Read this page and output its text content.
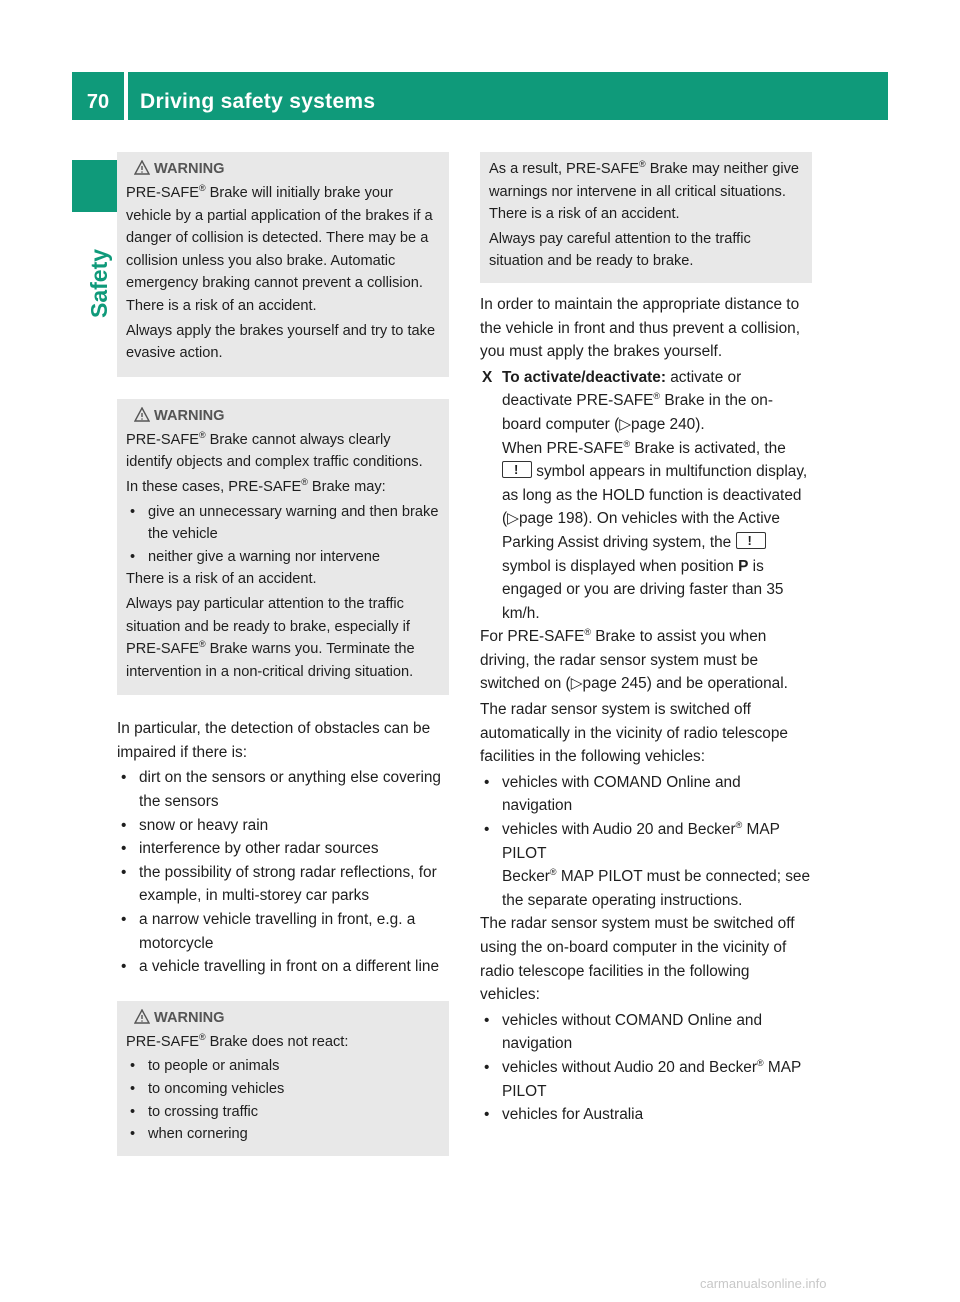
70	Driving safety systems
Safety
WARNING

PRE-SAFE® Brake will initially brake your vehicle by a partial application of the brakes if a danger of collision is detected. There may be a collision unless you also brake. Automatic emergency braking cannot prevent a collision. There is a risk of an accident.

Always apply the brakes yourself and try to take evasive action.

WARNING

PRE-SAFE® Brake cannot always clearly identify objects and complex traffic conditions.

In these cases, PRE-SAFE® Brake may:

• give an unnecessary warning and then brake the vehicle
• neither give a warning nor intervene

There is a risk of an accident.

Always pay particular attention to the traffic situation and be ready to brake, especially if PRE-SAFE® Brake warns you. Terminate the intervention in a non-critical driving situation.

In particular, the detection of obstacles can be impaired if there is:

• dirt on the sensors or anything else covering the sensors
• snow or heavy rain
• interference by other radar sources
• the possibility of strong radar reflections, for example, in multi-storey car parks
• a narrow vehicle travelling in front, e.g. a motorcycle
• a vehicle travelling in front on a different line
WARNING

PRE-SAFE® Brake does not react:

• to people or animals
• to oncoming vehicles
• to crossing traffic
• when cornering

As a result, PRE-SAFE® Brake may neither give warnings nor intervene in all critical situations. There is a risk of an accident.

Always pay careful attention to the traffic situation and be ready to brake.

In order to maintain the appropriate distance to the vehicle in front and thus prevent a collision, you must apply the brakes yourself.

X To activate/deactivate: activate or deactivate PRE-SAFE® Brake in the on-board computer (▷page 240).
When PRE-SAFE® Brake is activated, the ! symbol appears in multifunction display, as long as the HOLD function is deactivated (▷page 198). On vehicles with the Active Parking Assist driving system, the ! symbol is displayed when position P is engaged or you are driving faster than 35 km/h.

For PRE-SAFE® Brake to assist you when driving, the radar sensor system must be switched on (▷page 245) and be operational.

The radar sensor system is switched off automatically in the vicinity of radio telescope facilities in the following vehicles:

• vehicles with COMAND Online and navigation
• vehicles with Audio 20 and Becker® MAP PILOT
Becker® MAP PILOT must be connected; see the separate operating instructions.

The radar sensor system must be switched off using the on-board computer in the vicinity of radio telescope facilities in the following vehicles:

• vehicles without COMAND Online and navigation
• vehicles without Audio 20 and Becker® MAP PILOT
• vehicles for Australia
carmanualsonline.info
